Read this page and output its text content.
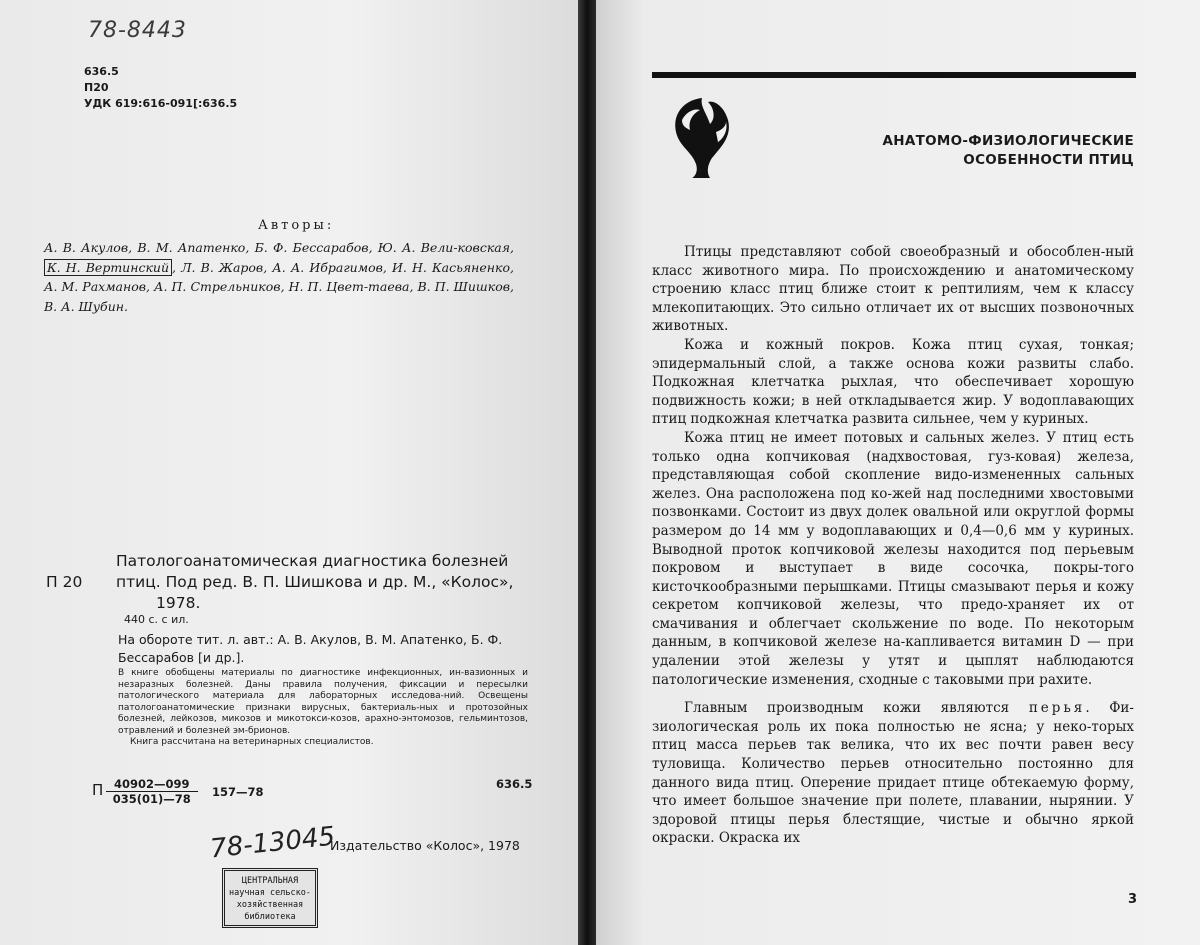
78-8443
636.5
П20
УДК 619:616-091[:636.5
Авторы:
А. В. Акулов, В. М. Апатенко, Б. Ф. Бессарабов, Ю. А. Вели-ковская, К. Н. Вертинский , Л. В. Жаров, А. А. Ибрагимов, И. Н. Касьяненко, А. М. Рахманов, А. П. Стрельников, Н. П. Цвет-таева, В. П. Шишков, В. А. Шубин.
П 20
Патологоанатомическая диагностика болезней
птиц. Под ред. В. П. Шишкова и др. М., «Колос»,
1978.
440 с. с ил.
На обороте тит. л. авт.: А. В. Акулов, В. М. Апатенко, Б. Ф. Бессарабов [и др.].
В книге обобщены материалы по диагностике инфекционных, ин-вазионных и незаразных болезней. Даны правила получения, фиксации и пересылки патологического материала для лабораторных исследова-ний. Освещены патологоанатомические признаки вирусных, бактериаль-ных и протозойных болезней, лейкозов, микозов и микотокси-козов, арахно-энтомозов, гельминтозов, отравлений и болезней эм-брионов.
Книга рассчитана на ветеринарных специалистов.
П $\frac{40902—099}{035(01)—78}$ 157—78
636.5
78-13045
ЦЕНТРАЛЬНАЯ
научная сельско-
хозяйственная
библиотека
Издательство «Колос», 1978
АНАТОМО-ФИЗИОЛОГИЧЕСКИЕ
ОСОБЕННОСТИ ПТИЦ

Птицы представляют собой своеобразный и обособлен-ный класс животного мира. По происхождению и анатомическому строению класс птиц ближе стоит к рептилиям, чем к классу млекопитающих. Это сильно отличает их от высших позвоночных животных.

Кожа и кожный покров. Кожа птиц сухая, тонкая; эпидермальный слой, а также основа кожи развиты слабо. Подкожная клетчатка рыхлая, что обеспечивает хорошую подвижность кожи; в ней откладывается жир. У водоплавающих птиц подкожная клетчатка развита сильнее, чем у куриных.

Кожа птиц не имеет потовых и сальных желез. У птиц есть только одна копчиковая (надхвостовая, гуз-ковая) железа, представляющая собой скопление видо-измененных сальных желез. Она расположена под ко-жей над последними хвостовыми позвонками. Состоит из двух долек овальной или округлой формы размером до 14 мм у водоплавающих и 0,4—0,6 мм у куриных. Выводной проток копчиковой железы находится под перьевым покровом и выступает в виде сосочка, покры-того кисточкообразными перышками. Птицы смазывают перья и кожу секретом копчиковой железы, что предо-храняет их от смачивания и облегчает скольжение по воде. По некоторым данным, в копчиковой железе на-капливается витамин D — при удалении этой железы у утят и цыплят наблюдаются патологические изменения, сходные с таковыми при рахите.

Главным производным кожи являются перья. Фи-зиологическая роль их пока полностью не ясна; у неко-торых птиц масса перьев так велика, что их вес почти равен весу туловища. Количество перьев относительно постоянно для данного вида птиц. Оперение придает птице обтекаемую форму, что имеет большое значение при полете, плавании, нырянии. У здоровой птицы перья блестящие, чистые и обычно яркой окраски. Окраска их

3
